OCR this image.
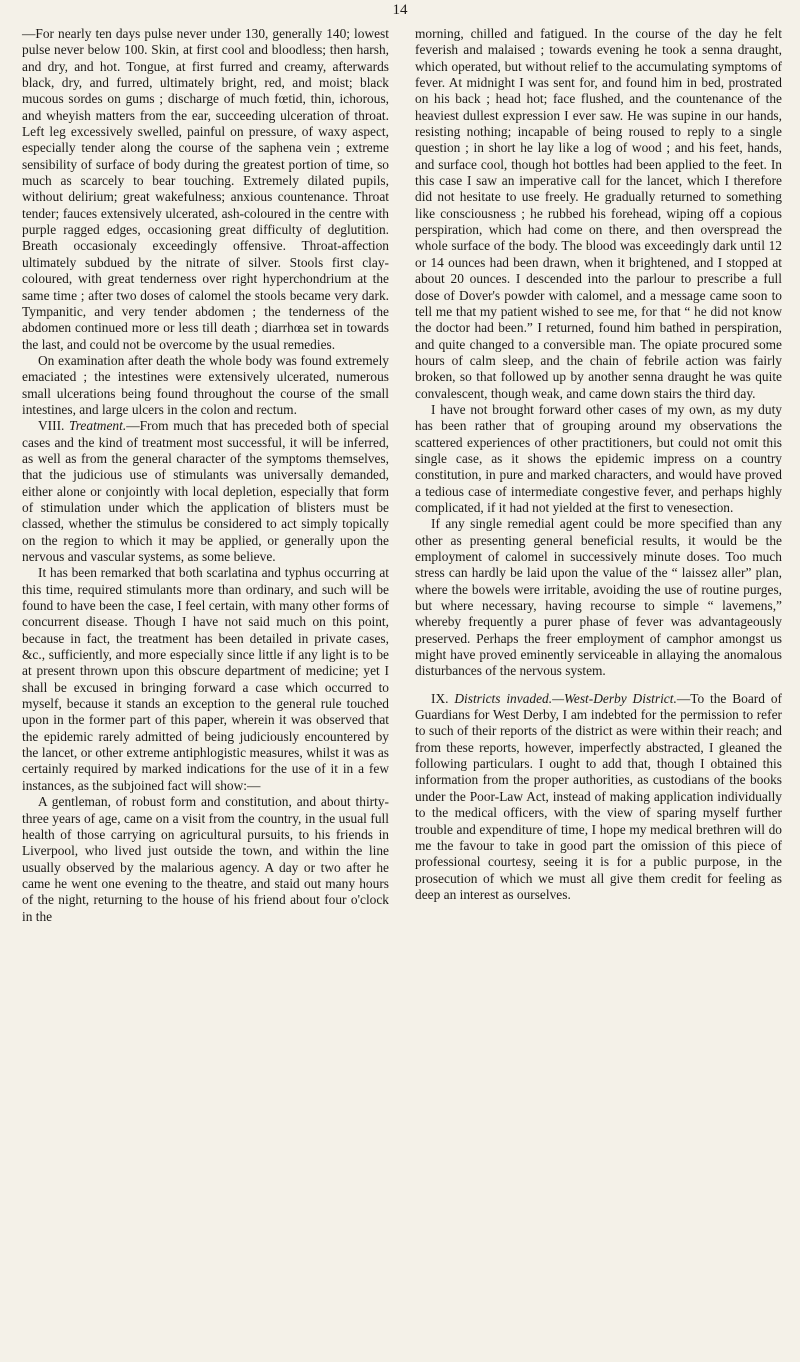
14

—For nearly ten days pulse never under 130, generally 140; lowest pulse never below 100. Skin, at first cool and bloodless; then harsh, and dry, and hot. Tongue, at first furred and creamy, afterwards black, dry, and furred, ultimately bright, red, and moist; black mucous sordes on gums ; discharge of much fœtid, thin, ichorous, and wheyish matters from the ear, succeeding ulceration of throat. Left leg excessively swelled, painful on pressure, of waxy aspect, especially tender along the course of the saphena vein ; extreme sensibility of surface of body during the greatest portion of time, so much as scarcely to bear touching. Extremely dilated pupils, without delirium; great wakefulness; anxious countenance. Throat tender; fauces extensively ulcerated, ash-coloured in the centre with purple ragged edges, occasioning great difficulty of deglutition. Breath occasionaly exceedingly offensive. Throat-affection ultimately subdued by the nitrate of silver. Stools first clay-coloured, with great tenderness over right hyperchondrium at the same time ; after two doses of calomel the stools became very dark. Tympanitic, and very tender abdomen ; the tenderness of the abdomen continued more or less till death ; diarrhœa set in towards the last, and could not be overcome by the usual remedies.

On examination after death the whole body was found extremely emaciated ; the intestines were extensively ulcerated, numerous small ulcerations being found throughout the course of the small intestines, and large ulcers in the colon and rectum.

VIII. Treatment.—From much that has preceded both of special cases and the kind of treatment most successful, it will be inferred, as well as from the general character of the symptoms themselves, that the judicious use of stimulants was universally demanded, either alone or conjointly with local depletion, especially that form of stimulation under which the application of blisters must be classed, whether the stimulus be considered to act simply topically on the region to which it may be applied, or generally upon the nervous and vascular systems, as some believe.

It has been remarked that both scarlatina and typhus occurring at this time, required stimulants more than ordinary, and such will be found to have been the case, I feel certain, with many other forms of concurrent disease. Though I have not said much on this point, because in fact, the treatment has been detailed in private cases, &c., sufficiently, and more especially since little if any light is to be at present thrown upon this obscure department of medicine; yet I shall be excused in bringing forward a case which occurred to myself, because it stands an exception to the general rule touched upon in the former part of this paper, wherein it was observed that the epidemic rarely admitted of being judiciously encountered by the lancet, or other extreme antiphlogistic measures, whilst it was as certainly required by marked indications for the use of it in a few instances, as the subjoined fact will show:—

A gentleman, of robust form and constitution, and about thirty-three years of age, came on a visit from the country, in the usual full health of those carrying on agricultural pursuits, to his friends in Liverpool, who lived just outside the town, and within the line usually observed by the malarious agency. A day or two after he came he went one evening to the theatre, and staid out many hours of the night, returning to the house of his friend about four o'clock in the

morning, chilled and fatigued. In the course of the day he felt feverish and malaised ; towards evening he took a senna draught, which operated, but without relief to the accumulating symptoms of fever. At midnight I was sent for, and found him in bed, prostrated on his back ; head hot; face flushed, and the countenance of the heaviest dullest expression I ever saw. He was supine in our hands, resisting nothing; incapable of being roused to reply to a single question ; in short he lay like a log of wood ; and his feet, hands, and surface cool, though hot bottles had been applied to the feet. In this case I saw an imperative call for the lancet, which I therefore did not hesitate to use freely. He gradually returned to something like consciousness ; he rubbed his forehead, wiping off a copious perspiration, which had come on there, and then overspread the whole surface of the body. The blood was exceedingly dark until 12 or 14 ounces had been drawn, when it brightened, and I stopped at about 20 ounces. I descended into the parlour to prescribe a full dose of Dover's powder with calomel, and a message came soon to tell me that my patient wished to see me, for that “ he did not know the doctor had been.” I returned, found him bathed in perspiration, and quite changed to a conversible man. The opiate procured some hours of calm sleep, and the chain of febrile action was fairly broken, so that followed up by another senna draught he was quite convalescent, though weak, and came down stairs the third day.

I have not brought forward other cases of my own, as my duty has been rather that of grouping around my observations the scattered experiences of other practitioners, but could not omit this single case, as it shows the epidemic impress on a country constitution, in pure and marked characters, and would have proved a tedious case of intermediate congestive fever, and perhaps highly complicated, if it had not yielded at the first to venesection.

If any single remedial agent could be more specified than any other as presenting general beneficial results, it would be the employment of calomel in successively minute doses. Too much stress can hardly be laid upon the value of the “ laissez aller” plan, where the bowels were irritable, avoiding the use of routine purges, but where necessary, having recourse to simple “ lavemens,” whereby frequently a purer phase of fever was advantageously preserved. Perhaps the freer employment of camphor amongst us might have proved eminently serviceable in allaying the anomalous disturbances of the nervous system.

IX. Districts invaded.—West-Derby District.—To the Board of Guardians for West Derby, I am indebted for the permission to refer to such of their reports of the district as were within their reach; and from these reports, however, imperfectly abstracted, I gleaned the following particulars. I ought to add that, though I obtained this information from the proper authorities, as custodians of the books under the Poor-Law Act, instead of making application individually to the medical officers, with the view of sparing myself further trouble and expenditure of time, I hope my medical brethren will do me the favour to take in good part the omission of this piece of professional courtesy, seeing it is for a public purpose, in the prosecution of which we must all give them credit for feeling as deep an interest as ourselves.
